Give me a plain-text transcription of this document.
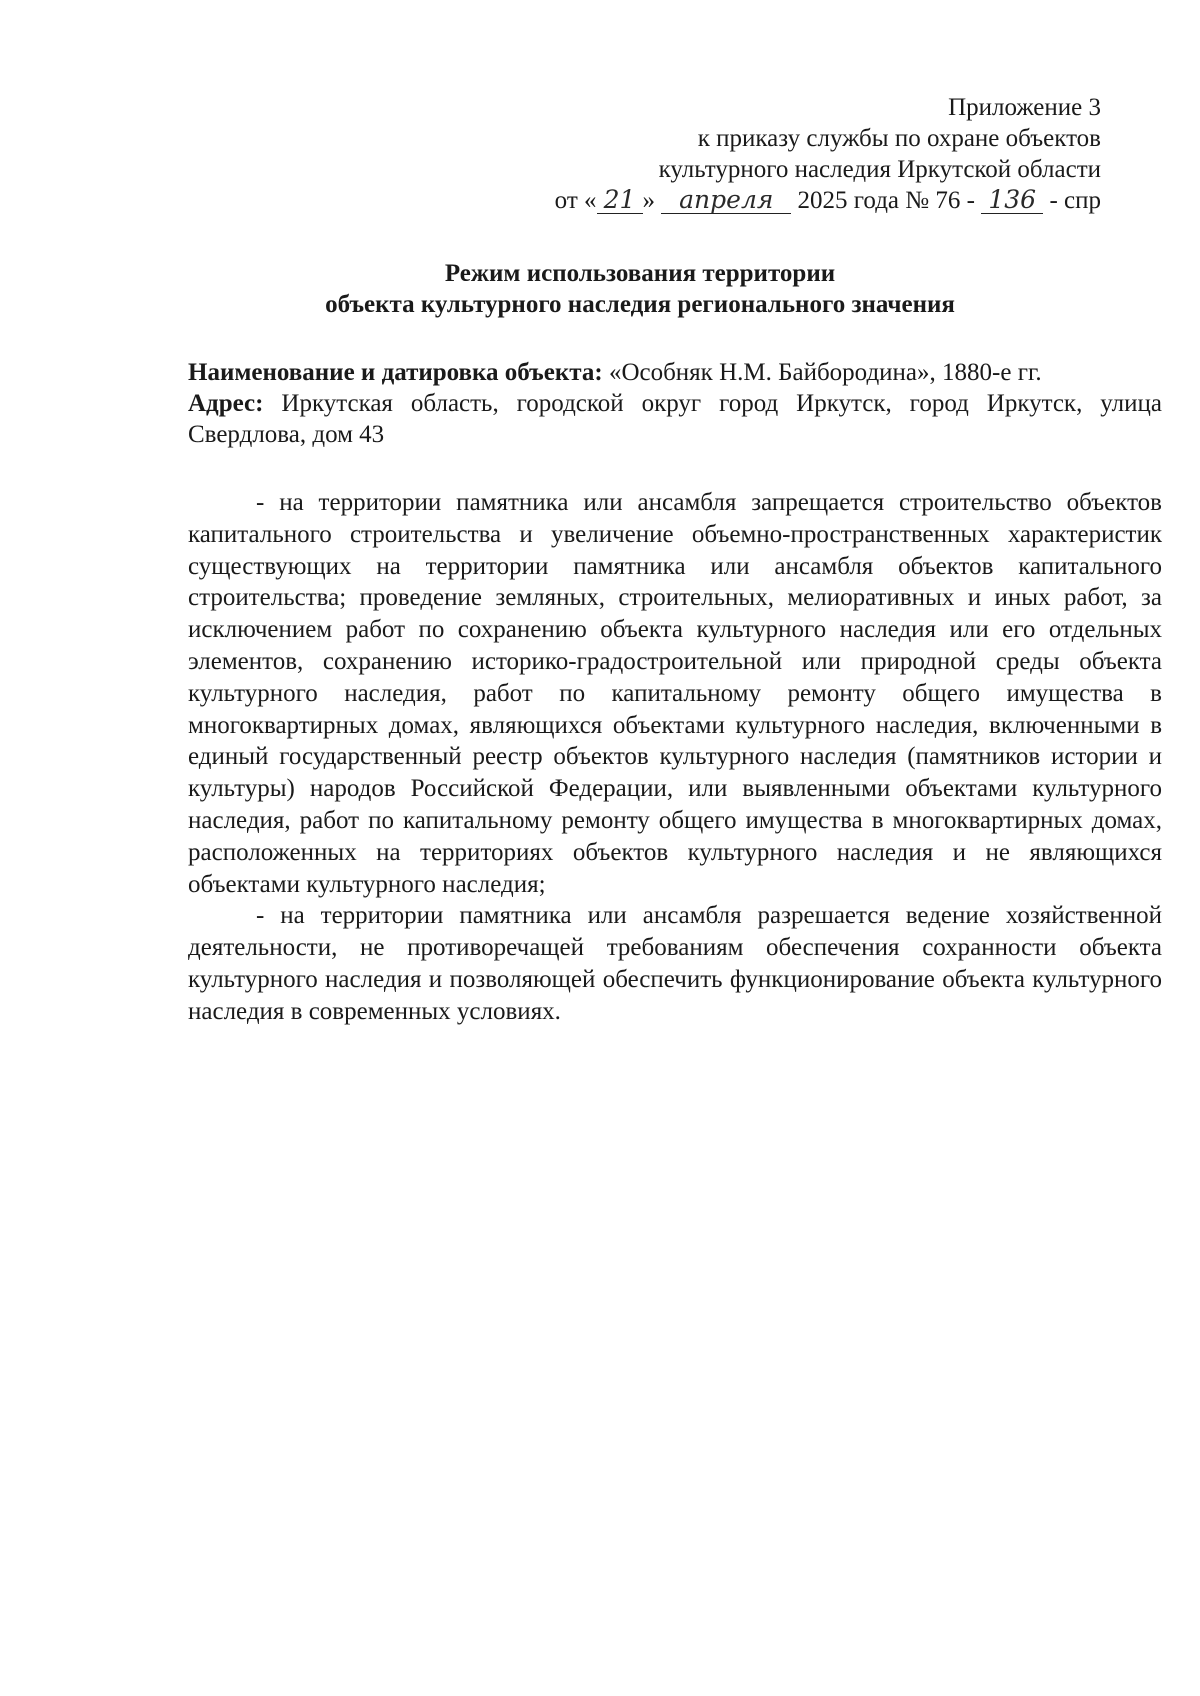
Приложение 3
к приказу службы по охране объектов
культурного наследия Иркутской области
от « 21 » апреля 2025 года № 76 - 136 - спр
Режим использования территории
объекта культурного наследия регионального значения

Наименование и датировка объекта: «Особняк Н.М. Байбородина», 1880-е гг.

Адрес: Иркутская область, городской округ город Иркутск, город Иркутск, улица Свердлова, дом 43

- на территории памятника или ансамбля запрещается строительство объектов капитального строительства и увеличение объемно-пространственных характеристик существующих на территории памятника или ансамбля объектов капитального строительства; проведение земляных, строительных, мелиоративных и иных работ, за исключением работ по сохранению объекта культурного наследия или его отдельных элементов, сохранению историко-градостроительной или природной среды объекта культурного наследия, работ по капитальному ремонту общего имущества в многоквартирных домах, являющихся объектами культурного наследия, включенными в единый государственный реестр объектов культурного наследия (памятников истории и культуры) народов Российской Федерации, или выявленными объектами культурного наследия, работ по капитальному ремонту общего имущества в многоквартирных домах, расположенных на территориях объектов культурного наследия и не являющихся объектами культурного наследия;

- на территории памятника или ансамбля разрешается ведение хозяйственной деятельности, не противоречащей требованиям обеспечения сохранности объекта культурного наследия и позволяющей обеспечить функционирование объекта культурного наследия в современных условиях.
